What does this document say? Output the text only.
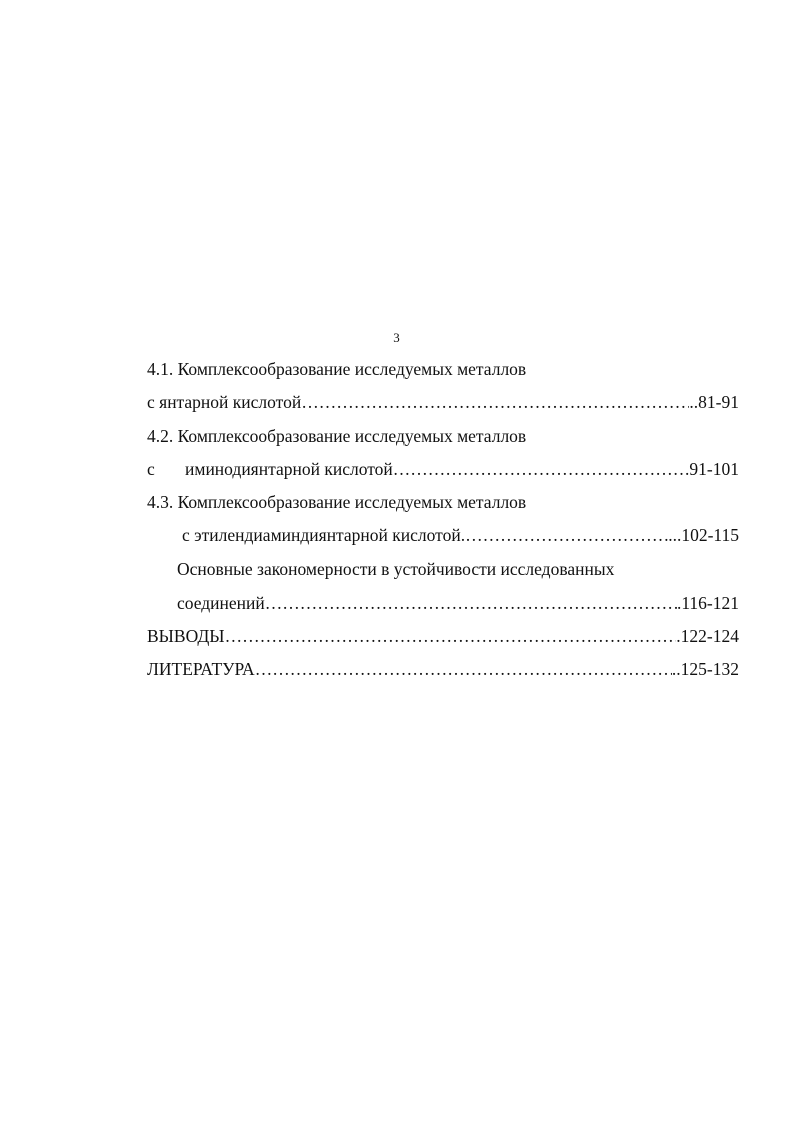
3
4.1. Комплексообразование исследуемых металлов
с янтарной кислотой …………………………………………………………………………………………………………………………………	..81-91
4.2. Комплексообразование исследуемых металлов
с	иминодиянтарной кислотой …………………………………………………………………………………………………………………………………	.91-101
4.3. Комплексообразование исследуемых металлов
с этилендиаминдиянтарной кислотой. …………………………………………………………………………………………………………………………………	...102-115
Основные закономерности в устойчивости исследованных
соединений …………………………………………………………………………………………………………………………………	.116-121
ВЫВОДЫ …………………………………………………………………………………………………………………………………	.122-124
ЛИТЕРАТУРА …………………………………………………………………………………………………………………………………	..125-132
